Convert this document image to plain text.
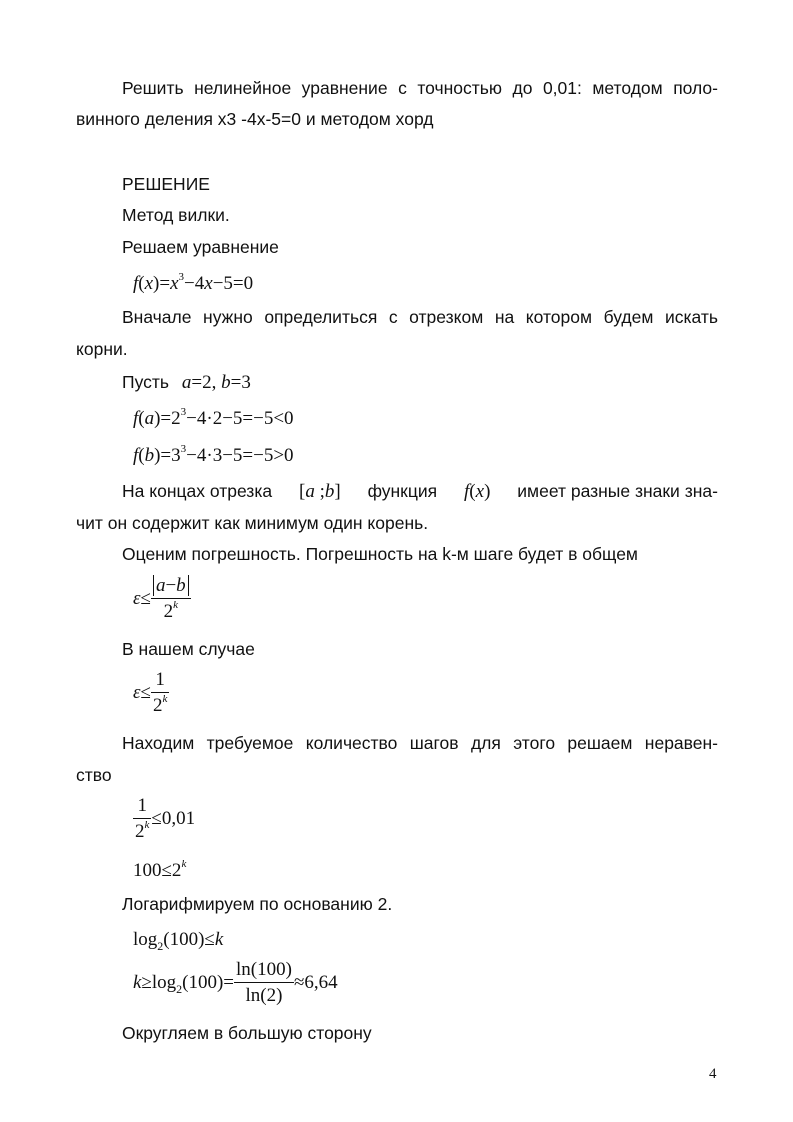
Решить нелинейное уравнение с точностью до 0,01: методом поло-
винного деления x3 -4x-5=0 и методом хорд
РЕШЕНИЕ
Метод вилки.
Решаем уравнение
$f(x)=x^3-4x-5=0$
Вначале нужно определиться с отрезком на котором будем искать
корни.
Пусть a=2, b=3
$f(a)=2^3-4\cdot 2-5=-5<0$
$f(b)=3^3-4\cdot 3-5=-5>0$
На концах отрезка [a ;b] функция f(x) имеет разные знаки зна-
чит он содержит как минимум один корень.
Оценим погрешность. Погрешность на k-м шаге будет в общем
$\varepsilon\le \frac{a-b}{2^k}$
В нашем случае
$\varepsilon\le \frac{1}{2^k}$
Находим требуемое количество шагов для этого решаем неравен-
ство
$\frac{1}{2^k} \le 0,01$
$100\le 2^k$
Логарифмируем по основанию 2.
$\log_2(100)\le k$
$k\ge\log_2(100)= \frac{\ln(100)}{\ln(2)} \approx 6,64$
Округляем в большую сторону
4
